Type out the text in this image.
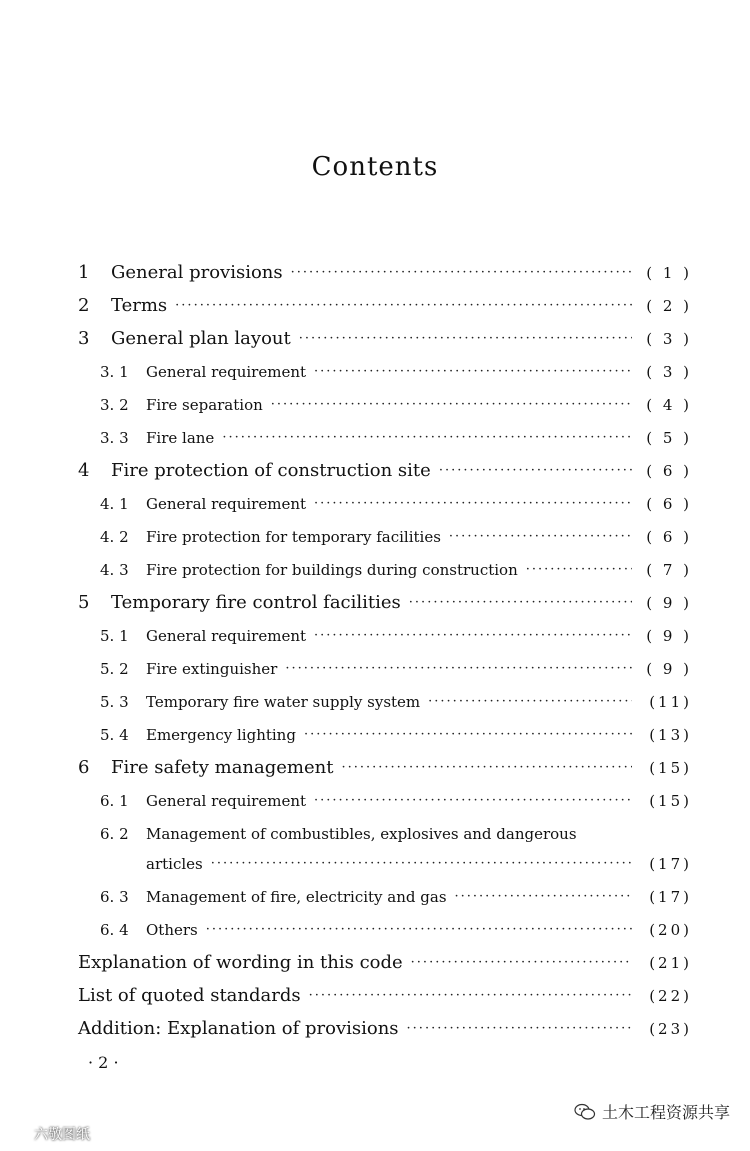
Contents
1	General provisions ·····	( 1 )
2	Terms ·····	( 2 )
3	General plan layout ·····	( 3 )
3. 1	General requirement ·····	( 3 )
3. 2	Fire separation ·····	( 4 )
3. 3	Fire lane ·····	( 5 )
4	Fire protection of construction site ·····	( 6 )
4. 1	General requirement ·····	( 6 )
4. 2	Fire protection for temporary facilities ·····	( 6 )
4. 3	Fire protection for buildings during construction ·····	( 7 )
5	Temporary fire control facilities ·····	( 9 )
5. 1	General requirement ·····	( 9 )
5. 2	Fire extinguisher ·····	( 9 )
5. 3	Temporary fire water supply system ·····	(11)
5. 4	Emergency lighting ·····	(13)
6	Fire safety management ·····	(15)
6. 1	General requirement ·····	(15)
6. 2	Management of combustibles, explosives and dangerous
articles ·····	(17)
6. 3	Management of fire, electricity and gas ·····	(17)
6. 4	Others ·····	(20)
Explanation of wording in this code ·····	(21)
List of quoted standards ·····	(22)
Addition: Explanation of provisions ·····	(23)
· 2 ·
土木工程资源共享
六敬图纸
